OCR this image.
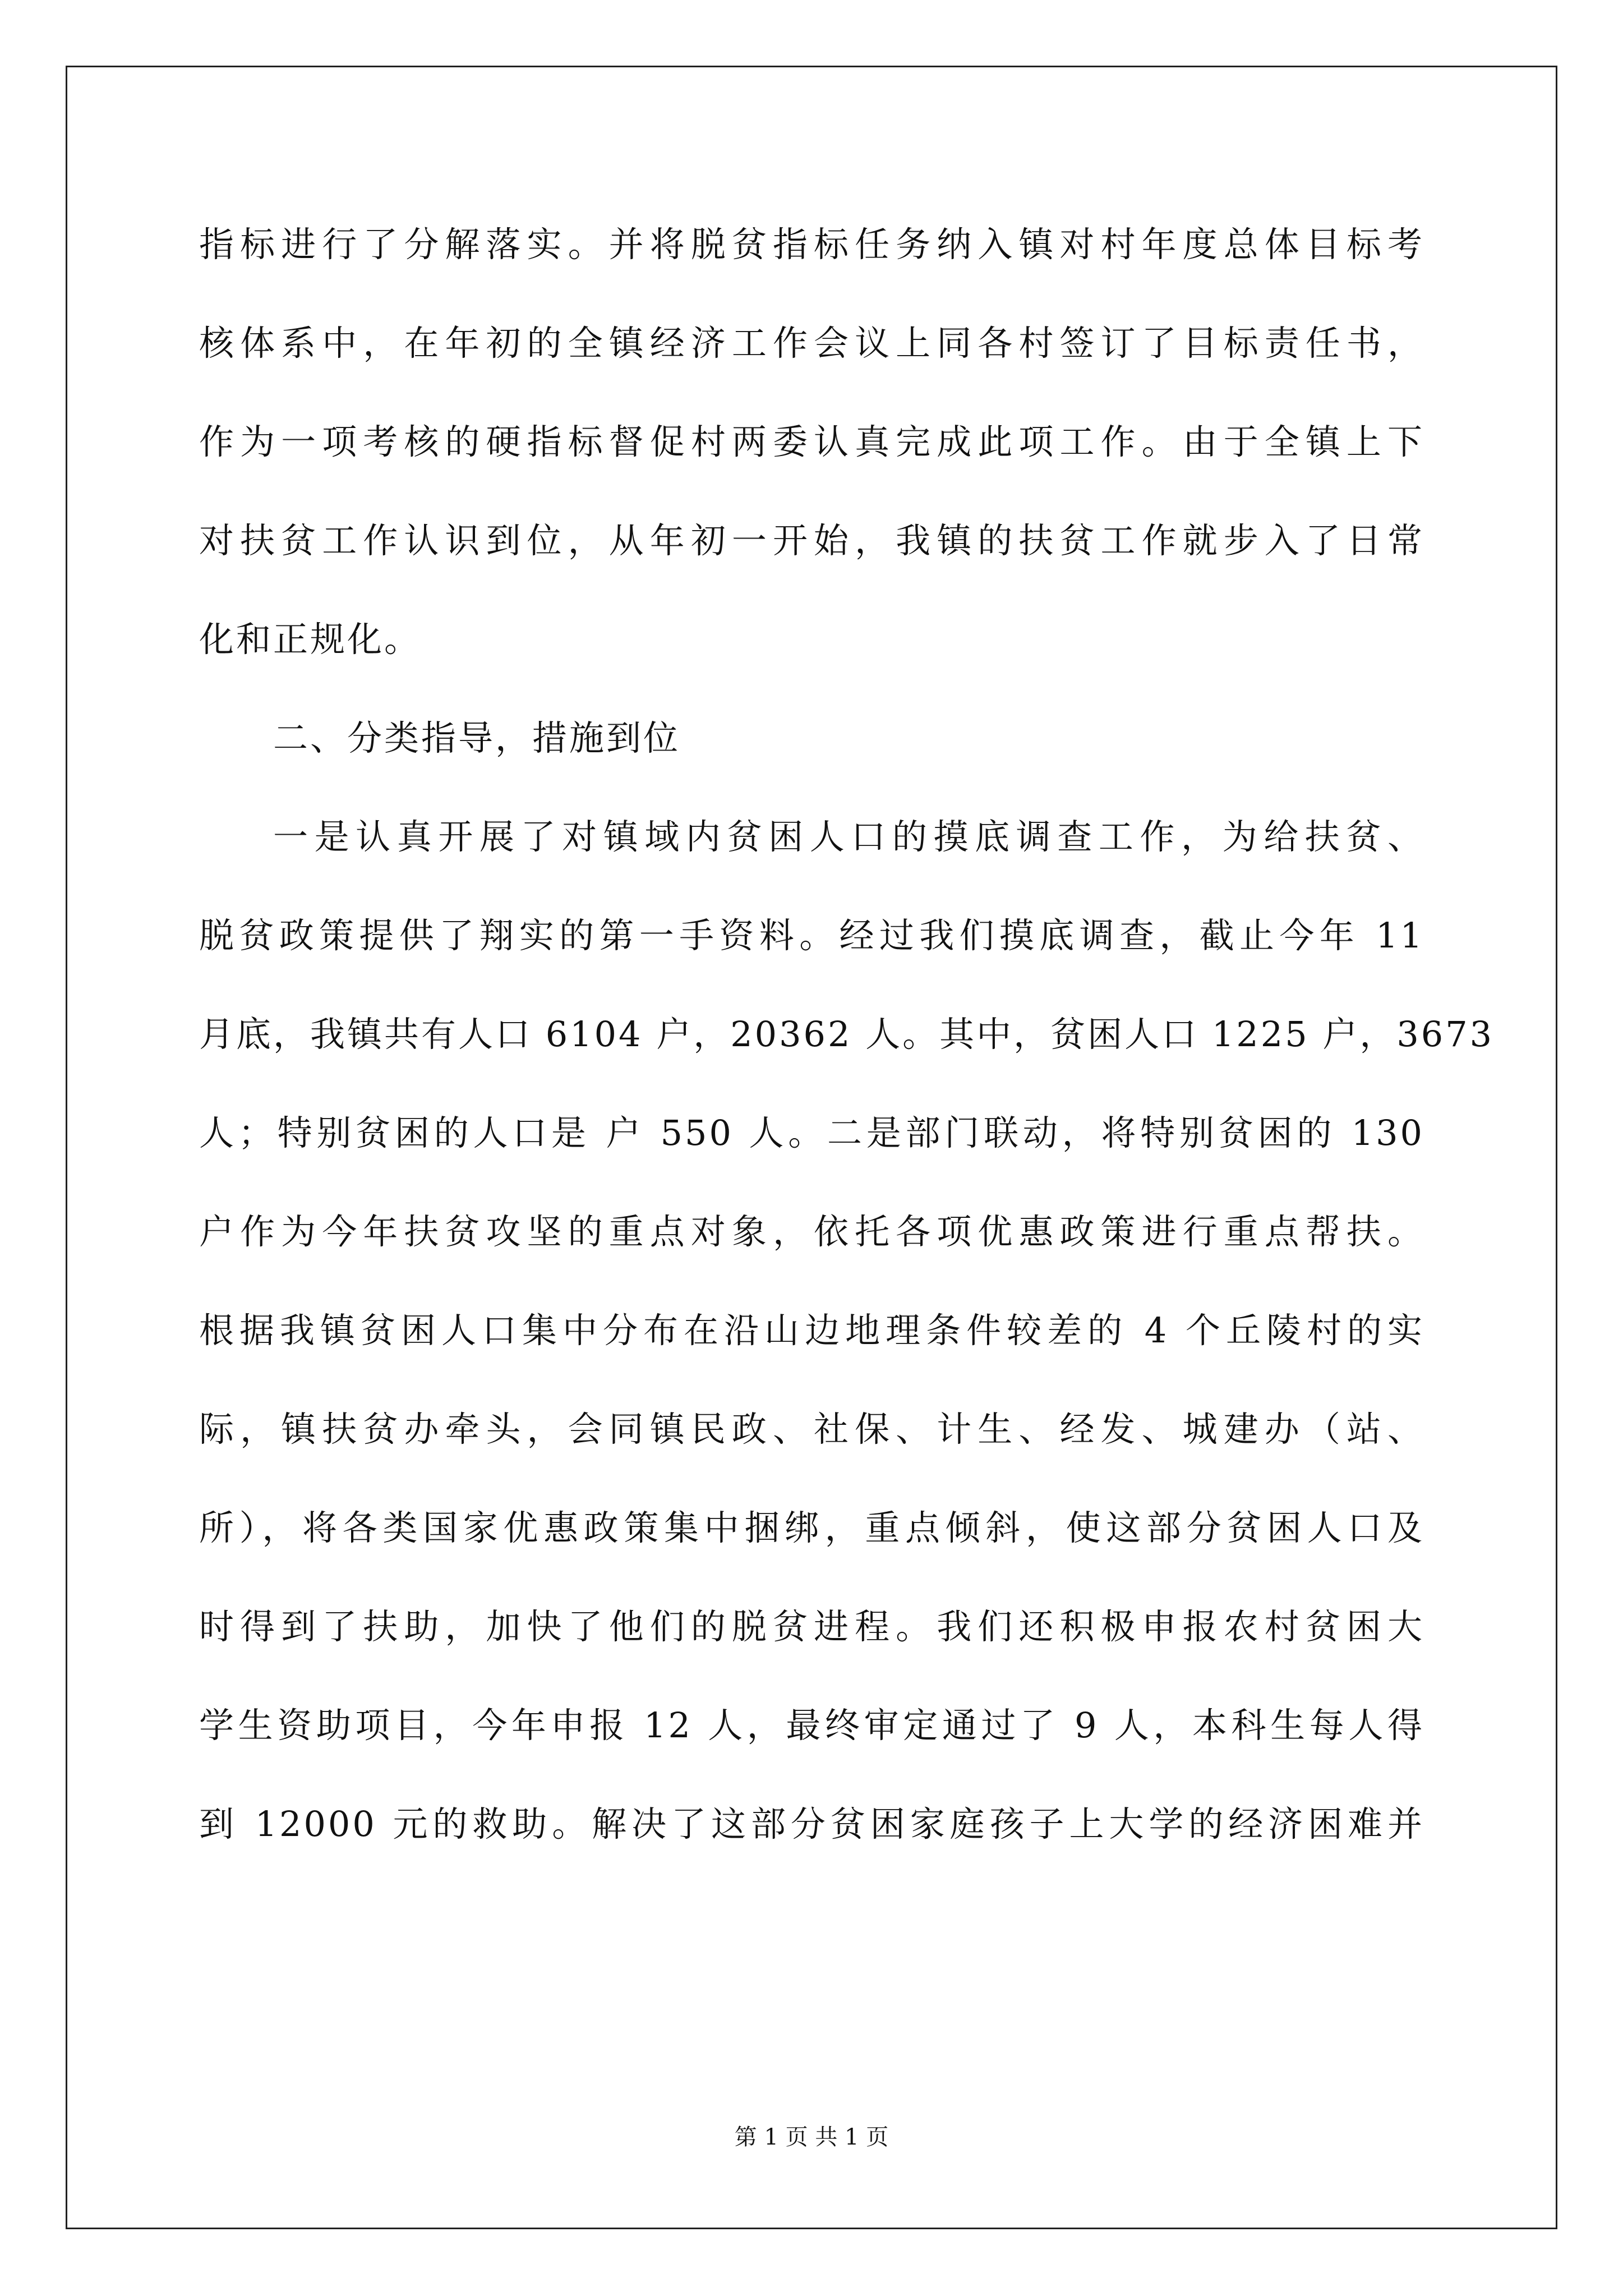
指标进行了分解落实。并将脱贫指标任务纳入镇对村年度总体目标考
核体系中，在年初的全镇经济工作会议上同各村签订了目标责任书，
作为一项考核的硬指标督促村两委认真完成此项工作。由于全镇上下
对扶贫工作认识到位，从年初一开始，我镇的扶贫工作就步入了日常
化和正规化。
二、分类指导，措施到位
一是认真开展了对镇域内贫困人口的摸底调查工作，为给扶贫、
脱贫政策提供了翔实的第一手资料。经过我们摸底调查，截止今年 11
月底，我镇共有人口 6104 户，20362 人。其中，贫困人口 1225 户，3673
人；特别贫困的人口是 户 550 人。二是部门联动，将特别贫困的 130
户作为今年扶贫攻坚的重点对象，依托各项优惠政策进行重点帮扶。
根据我镇贫困人口集中分布在沿山边地理条件较差的 4 个丘陵村的实
际，镇扶贫办牵头，会同镇民政、社保、计生、经发、城建办（站、
所），将各类国家优惠政策集中捆绑，重点倾斜，使这部分贫困人口及
时得到了扶助，加快了他们的脱贫进程。我们还积极申报农村贫困大
学生资助项目，今年申报 12 人，最终审定通过了 9 人，本科生每人得
到 12000 元的救助。解决了这部分贫困家庭孩子上大学的经济困难并
第 1 页 共 1 页
